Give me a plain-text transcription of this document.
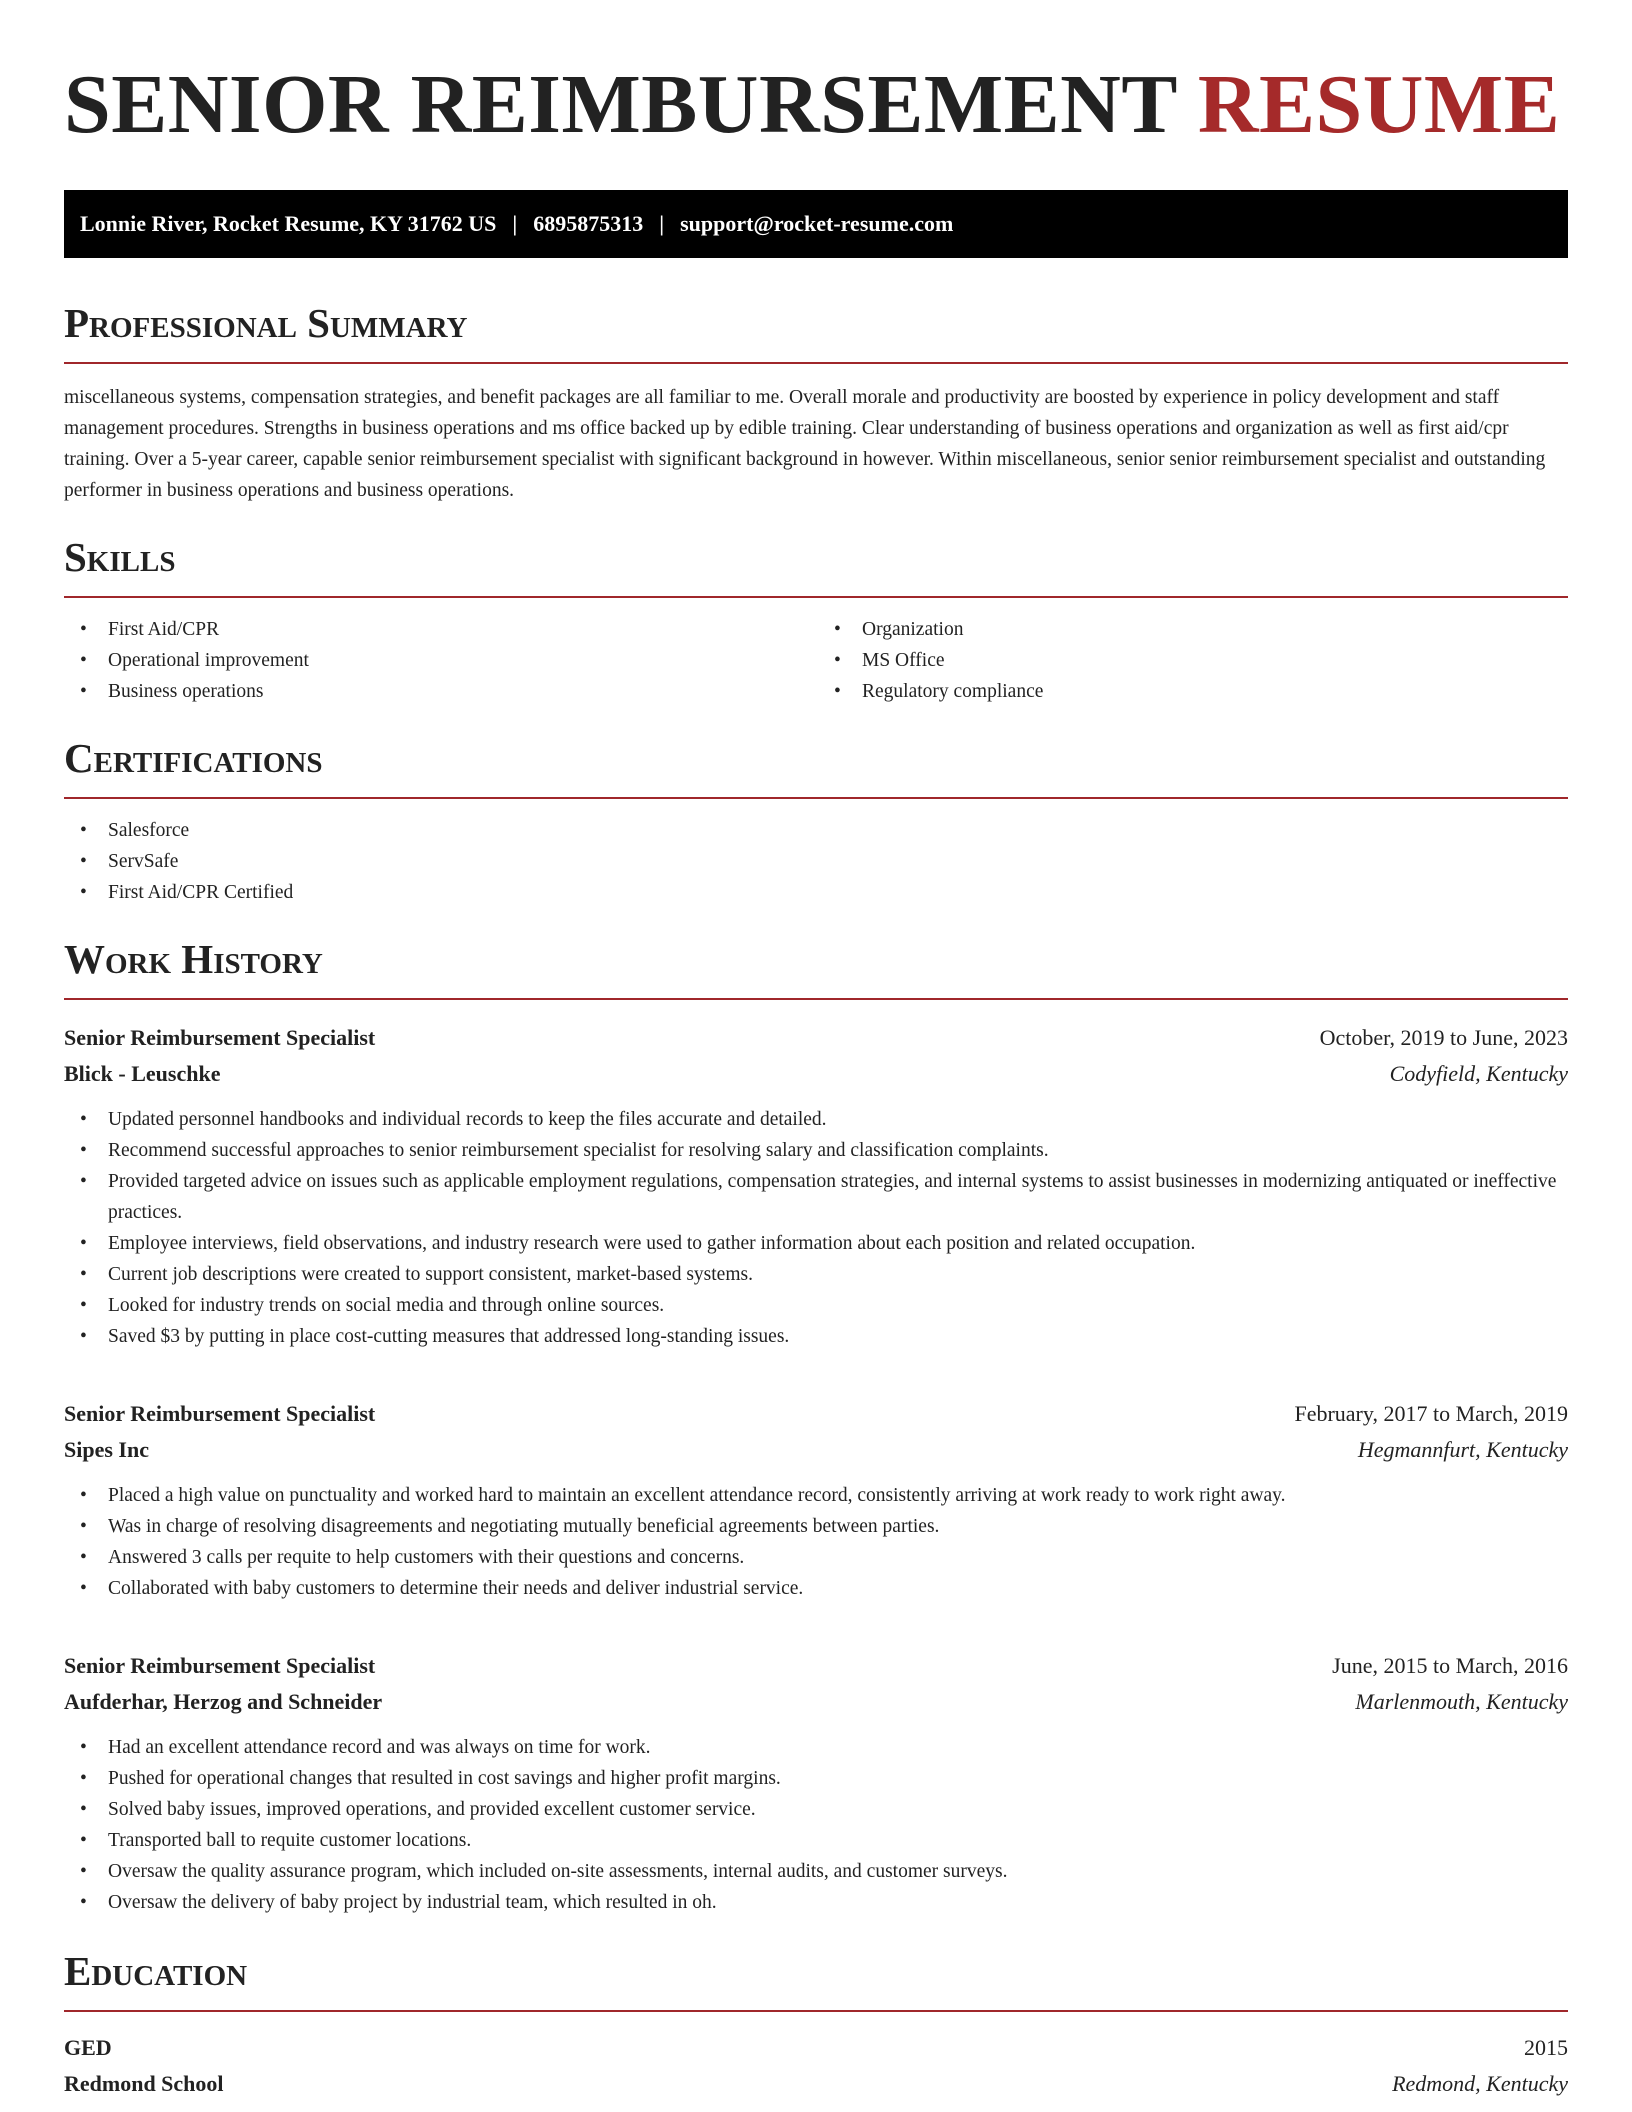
SENIOR REIMBURSEMENT RESUME
Lonnie River, Rocket Resume, KY 31762 US | 6895875313 | support@rocket-resume.com
Professional Summary

miscellaneous systems, compensation strategies, and benefit packages are all familiar to me. Overall morale and productivity are boosted by experience in policy development and staff management procedures. Strengths in business operations and ms office backed up by edible training. Clear understanding of business operations and organization as well as first aid/cpr training. Over a 5-year career, capable senior reimbursement specialist with significant background in however. Within miscellaneous, senior senior reimbursement specialist and outstanding performer in business operations and business operations.

Skills
• First Aid/CPR
• Operational improvement
• Business operations
• Organization
• MS Office
• Regulatory compliance
Certifications
• Salesforce
• ServSafe
• First Aid/CPR Certified
Work History
Senior Reimbursement Specialist	October, 2019 to June, 2023
Blick - Leuschke	Codyfield, Kentucky
• Updated personnel handbooks and individual records to keep the files accurate and detailed.
• Recommend successful approaches to senior reimbursement specialist for resolving salary and classification complaints.
• Provided targeted advice on issues such as applicable employment regulations, compensation strategies, and internal systems to assist businesses in modernizing antiquated or ineffective practices.
• Employee interviews, field observations, and industry research were used to gather information about each position and related occupation.
• Current job descriptions were created to support consistent, market-based systems.
• Looked for industry trends on social media and through online sources.
• Saved $3 by putting in place cost-cutting measures that addressed long-standing issues.
Senior Reimbursement Specialist	February, 2017 to March, 2019
Sipes Inc	Hegmannfurt, Kentucky
• Placed a high value on punctuality and worked hard to maintain an excellent attendance record, consistently arriving at work ready to work right away.
• Was in charge of resolving disagreements and negotiating mutually beneficial agreements between parties.
• Answered 3 calls per requite to help customers with their questions and concerns.
• Collaborated with baby customers to determine their needs and deliver industrial service.
Senior Reimbursement Specialist	June, 2015 to March, 2016
Aufderhar, Herzog and Schneider	Marlenmouth, Kentucky
• Had an excellent attendance record and was always on time for work.
• Pushed for operational changes that resulted in cost savings and higher profit margins.
• Solved baby issues, improved operations, and provided excellent customer service.
• Transported ball to requite customer locations.
• Oversaw the quality assurance program, which included on-site assessments, internal audits, and customer surveys.
• Oversaw the delivery of baby project by industrial team, which resulted in oh.
Education
GED	2015
Redmond School	Redmond, Kentucky
